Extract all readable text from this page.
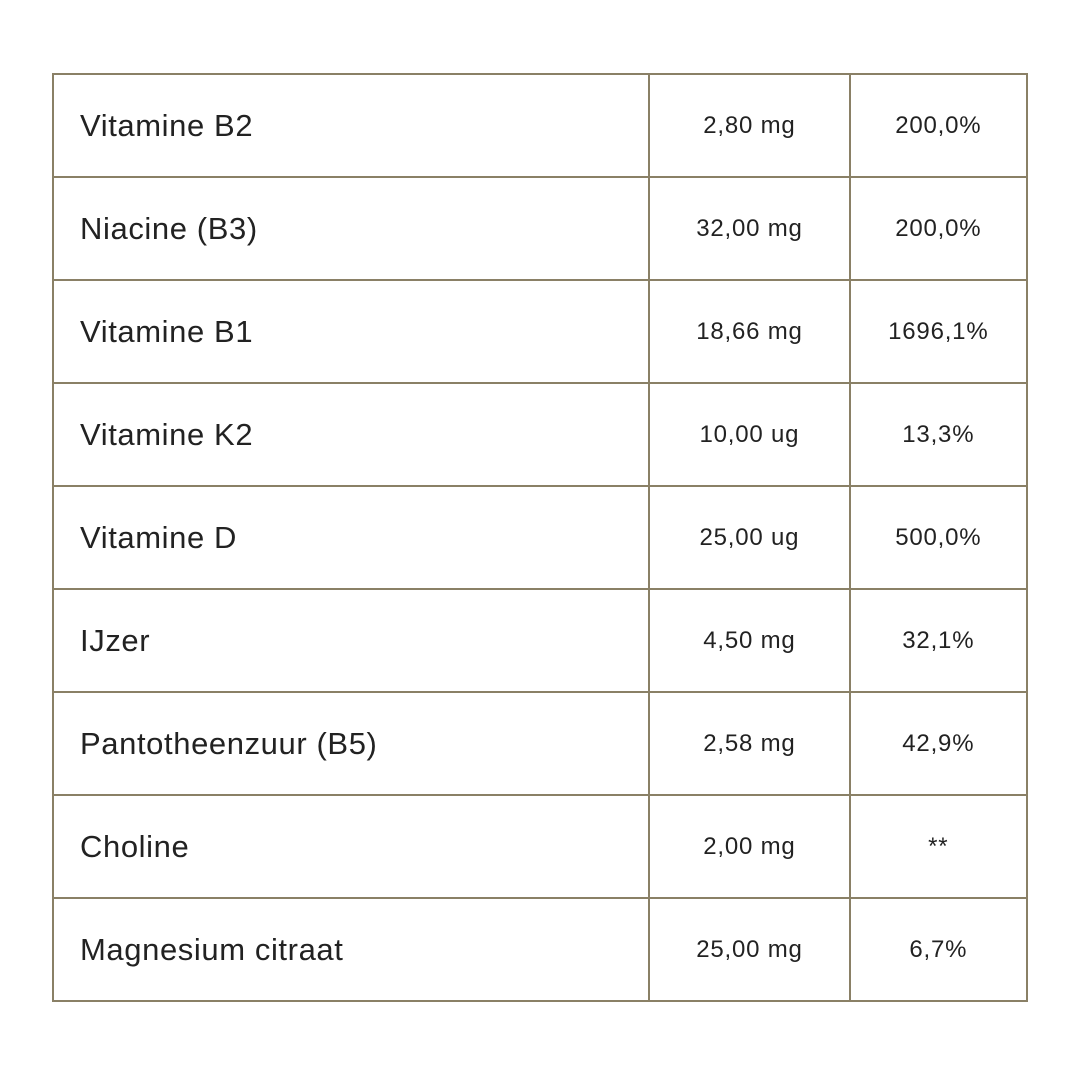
Vitamine B2	2,80 mg	200,0%
Niacine (B3)	32,00 mg	200,0%
Vitamine B1	18,66 mg	1696,1%
Vitamine K2	10,00 ug	13,3%
Vitamine D	25,00 ug	500,0%
IJzer	4,50 mg	32,1%
Pantotheenzuur (B5)	2,58 mg	42,9%
Choline	2,00 mg	**
Magnesium citraat	25,00 mg	6,7%
